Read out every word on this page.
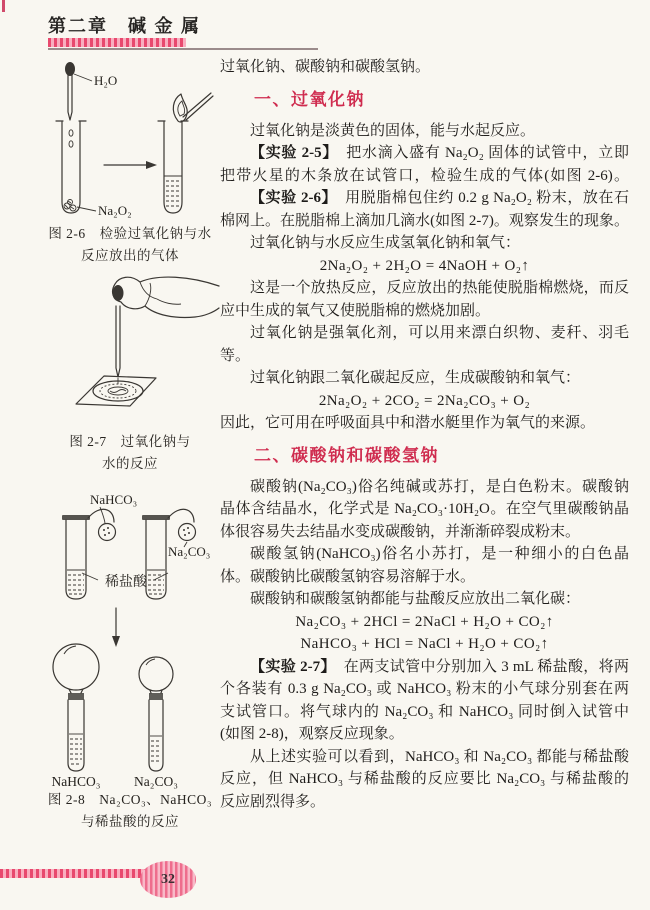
第二章　碱 金 属
H₂O
Na₂O₂
图 2-6　检验过氧化钠与水
反应放出的气体
图 2-7　过氧化钠与
水的反应
NaHCO₃
Na₂CO₃
稀盐酸
NaHCO₃ Na₂CO₃
图 2-8　Na₂CO₃、NaHCO₃
与稀盐酸的反应
过氧化钠、碳酸钠和碳酸氢钠。
一、过氧化钠
过氧化钠是淡黄色的固体，能与水起反应。
【实验 2-5】　把水滴入盛有 Na₂O₂ 固体的试管中，立即
把带火星的木条放在试管口，检验生成的气体(如图 2-6)。
【实验 2-6】　用脱脂棉包住约 0.2 g Na₂O₂ 粉末，放在石
棉网上。在脱脂棉上滴加几滴水(如图 2-7)。观察发生的现象。
过氧化钠与水反应生成氢氧化钠和氧气：
2Na₂O₂ + 2H₂O = 4NaOH + O₂↑
这是一个放热反应，反应放出的热能使脱脂棉燃烧，而反
应中生成的氧气又使脱脂棉的燃烧加剧。
过氧化钠是强氧化剂，可以用来漂白织物、麦秆、羽毛
等。
过氧化钠跟二氧化碳起反应，生成碳酸钠和氧气：
2Na₂O₂ + 2CO₂ = 2Na₂CO₃ + O₂
因此，它可用在呼吸面具中和潜水艇里作为氧气的来源。
二、碳酸钠和碳酸氢钠
碳酸钠(Na₂CO₃)俗名纯碱或苏打，是白色粉末。碳酸钠
晶体含结晶水，化学式是 Na₂CO₃·10H₂O。在空气里碳酸钠晶
体很容易失去结晶水变成碳酸钠，并渐渐碎裂成粉末。
碳酸氢钠(NaHCO₃)俗名小苏打，是一种细小的白色晶
体。碳酸钠比碳酸氢钠容易溶解于水。
碳酸钠和碳酸氢钠都能与盐酸反应放出二氧化碳：
Na₂CO₃ + 2HCl = 2NaCl + H₂O + CO₂↑
NaHCO₃ + HCl = NaCl + H₂O + CO₂↑
【实验 2-7】　在两支试管中分别加入 3 mL 稀盐酸，将两
个各装有 0.3 g Na₂CO₃ 或 NaHCO₃ 粉末的小气球分别套在两
支试管口。将气球内的 Na₂CO₃ 和 NaHCO₃ 同时倒入试管中
(如图 2-8)，观察反应现象。
从上述实验可以看到，NaHCO₃ 和 Na₂CO₃ 都能与稀盐酸
反应，但 NaHCO₃ 与稀盐酸的反应要比 Na₂CO₃ 与稀盐酸的
反应剧烈得多。
32
